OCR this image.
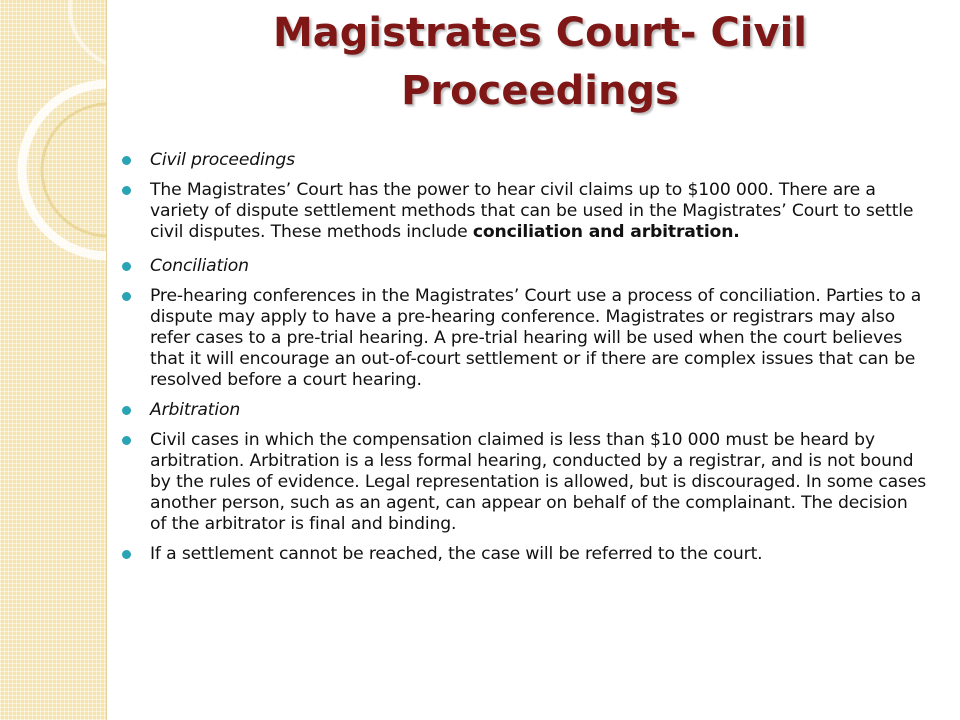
Magistrates Court- Civil
Proceedings
Civil proceedings
The Magistrates’ Court has the power to hear civil claims up to $100 000. There are a variety of dispute settlement methods that can be used in the Magistrates’ Court to settle civil disputes. These methods include conciliation and arbitration.
Conciliation
Pre-hearing conferences in the Magistrates’ Court use a process of conciliation. Parties to a dispute may apply to have a pre-hearing conference. Magistrates or registrars may also refer cases to a pre-trial hearing. A pre-trial hearing will be used when the court believes that it will encourage an out-of-court settlement or if there are complex issues that can be resolved before a court hearing.
Arbitration
Civil cases in which the compensation claimed is less than $10 000 must be heard by arbitration. Arbitration is a less formal hearing, conducted by a registrar, and is not bound by the rules of evidence. Legal representation is allowed, but is discouraged. In some cases another person, such as an agent, can appear on behalf of the complainant. The decision of the arbitrator is final and binding.
If a settlement cannot be reached, the case will be referred to the court.
